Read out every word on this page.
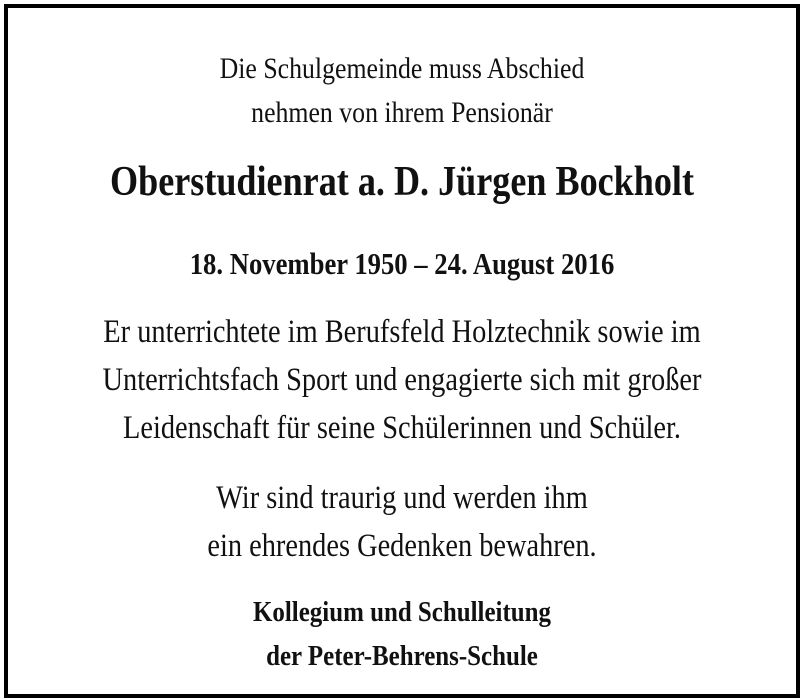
Die Schulgemeinde muss Abschied
nehmen von ihrem Pensionär
Oberstudienrat a. D. Jürgen Bockholt
18. November 1950 – 24. August 2016
Er unterrichtete im Berufsfeld Holztechnik sowie im
Unterrichtsfach Sport und engagierte sich mit großer
Leidenschaft für seine Schülerinnen und Schüler.
Wir sind traurig und werden ihm
ein ehrendes Gedenken bewahren.
Kollegium und Schulleitung
der Peter-Behrens-Schule
